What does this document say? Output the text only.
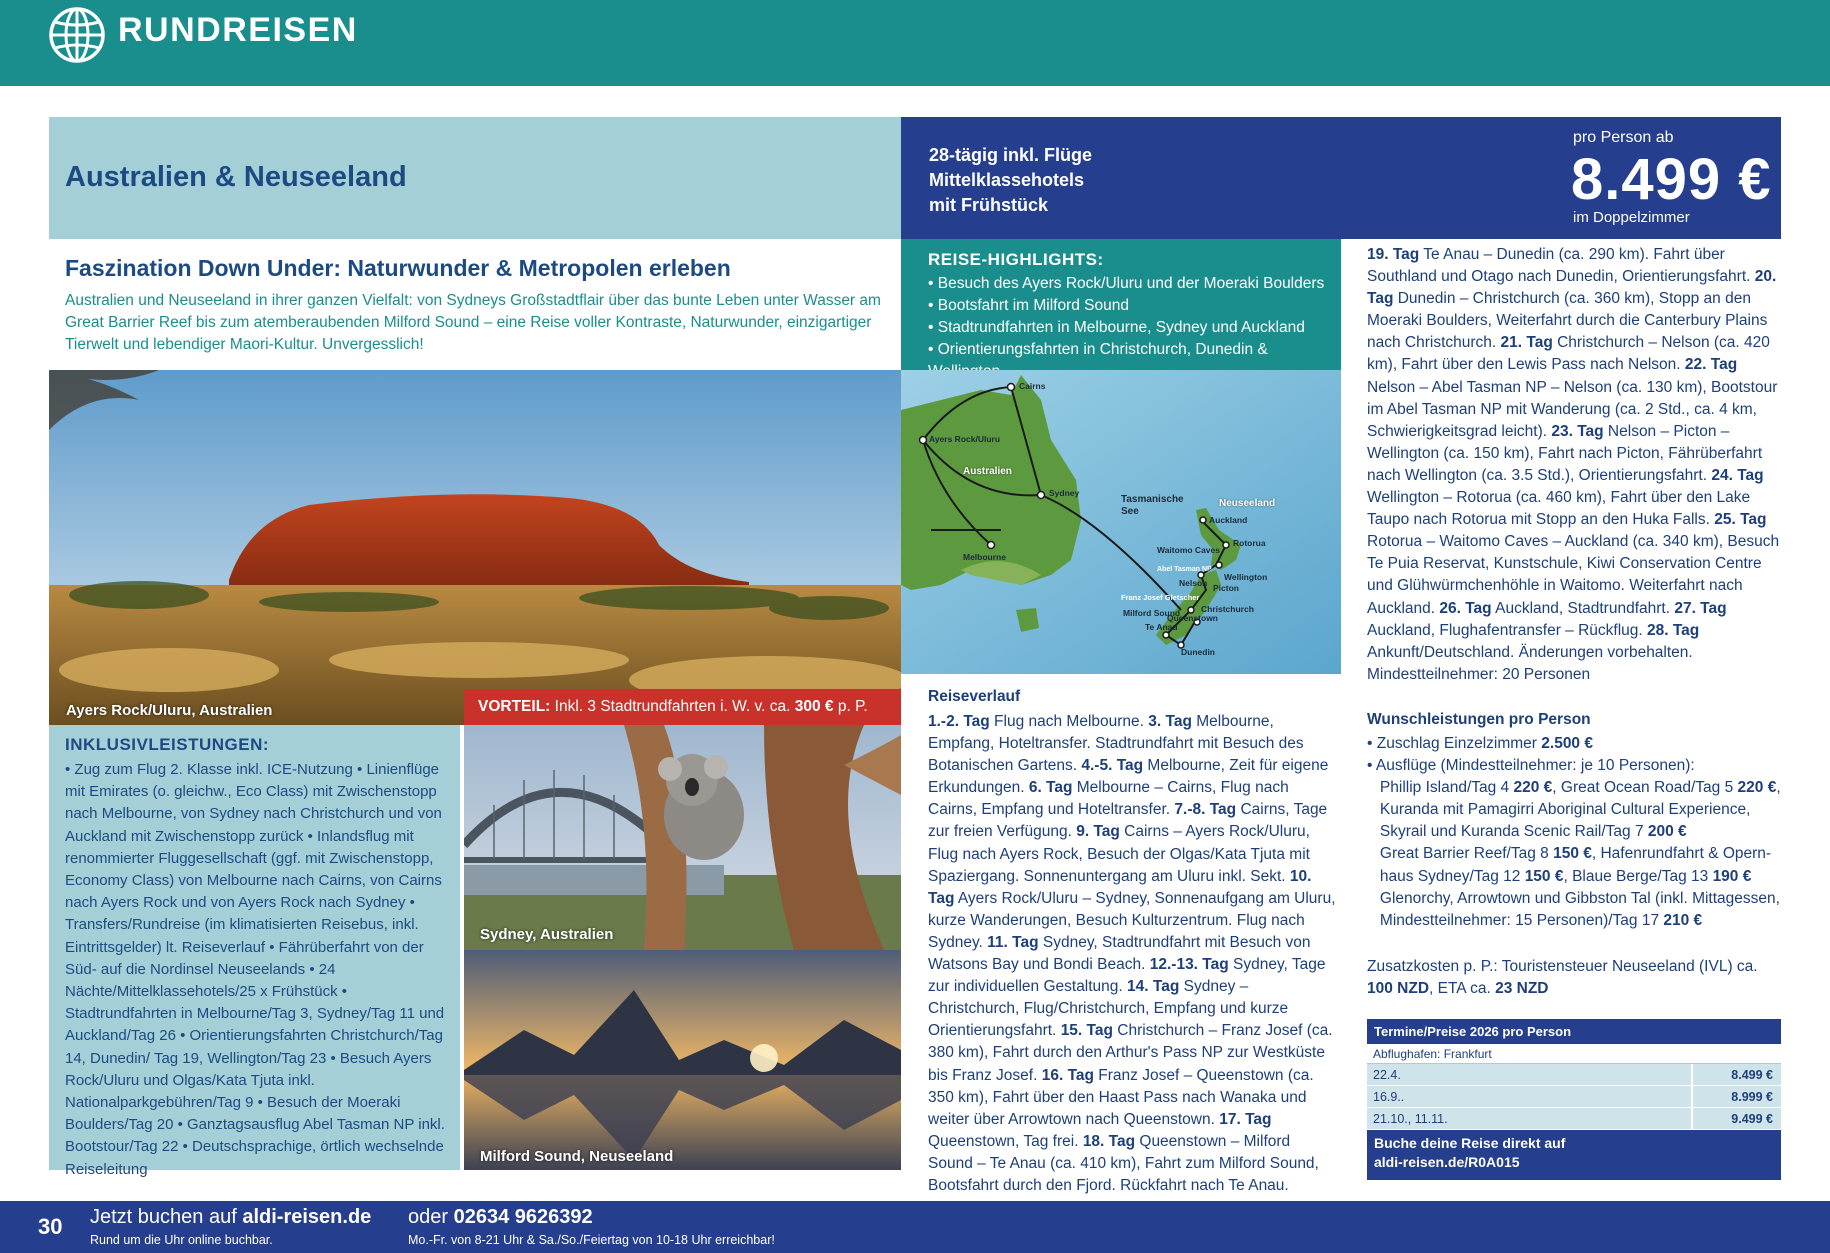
RUNDREISEN
Australien & Neuseeland
28-tägig inkl. Flüge
Mittelklassehotels
mit Frühstück
pro Person ab
8.499 €
im Doppelzimmer
Faszination Down Under: Naturwunder & Metropolen erleben
Australien und Neuseeland in ihrer ganzen Vielfalt: von Sydneys Großstadtflair über das bunte Leben unter Wasser am Great Barrier Reef bis zum atemberaubenden Milford Sound – eine Reise voller Kontraste, Naturwunder, einzigartiger Tierwelt und lebendiger Maori-Kultur. Unvergesslich!
Ayers Rock/Uluru, Australien	VORTEIL: Inkl. 3 Stadtrundfahrten i. W. v. ca. 300 € p. P.
INKLUSIVLEISTUNGEN:
• Zug zum Flug 2. Klasse inkl. ICE-Nutzung • Linienflüge mit Emirates (o. gleichw., Eco Class) mit Zwischenstopp nach Melbourne, von Sydney nach Christchurch und von Auckland mit Zwischenstopp zurück • Inlandsflug mit renommierter Fluggesellschaft (ggf. mit Zwischenstopp, Economy Class) von Melbourne nach Cairns, von Cairns nach Ayers Rock und von Ayers Rock nach Sydney • Transfers/Rundreise (im klimatisierten Reisebus, inkl. Eintrittsgelder) lt. Reiseverlauf • Fährüberfahrt von der Süd- auf die Nordinsel Neuseelands • 24 Nächte/Mittelklassehotels/25 x Frühstück • Stadtrundfahrten in Melbourne/Tag 3, Sydney/Tag 11 und Auckland/Tag 26 • Orientierungsfahrten Christchurch/Tag 14, Dunedin/ Tag 19, Wellington/Tag 23 • Besuch Ayers Rock/Uluru und Olgas/Kata Tjuta inkl. Nationalparkgebühren/Tag 9 • Besuch der Moeraki Boulders/Tag 20 • Ganztagsausflug Abel Tasman NP inkl. Bootstour/Tag 22 • Deutschsprachige, örtlich wechselnde Reiseleitung
Sydney, Australien
Milford Sound, Neuseeland
REISE-HIGHLIGHTS:
• Besuch des Ayers Rock/Uluru und der Moeraki Boulders
• Bootsfahrt im Milford Sound
• Stadtrundfahrten in Melbourne, Sydney und Auckland
• Orientierungsfahrten in Christchurch, Dunedin &
Cairns
Ayers Rock/Uluru
Australien
Sydney
Melbourne
Tasmanische
See
Neuseeland
Auckland
Rotorua
Waitomo Caves
Abel Tasman NP
Wellington
Nelson Picton
Franz Josef Gletscher
Christchurch
Milford Sound
Queenstown
Te Anau
Dunedin
Reiseverlauf
1.-2. Tag Flug nach Melbourne. 3. Tag Melbourne, Empfang, Hoteltransfer. Stadtrundfahrt mit Besuch des Botanischen Gartens. 4.-5. Tag Melbourne, Zeit für eigene Erkundungen. 6. Tag Melbourne – Cairns, Flug nach Cairns, Empfang und Hoteltransfer. 7.-8. Tag Cairns, Tage zur freien Verfügung. 9. Tag Cairns – Ayers Rock/Uluru, Flug nach Ayers Rock, Besuch der Olgas/Kata Tjuta mit Spaziergang. Sonnenuntergang am Uluru inkl. Sekt. 10. Tag Ayers Rock/Uluru – Sydney, Sonnenaufgang am Uluru, kurze Wanderungen, Besuch Kulturzentrum. Flug nach Sydney. 11. Tag Sydney, Stadtrundfahrt mit Besuch von Watsons Bay und Bondi Beach. 12.-13. Tag Sydney, Tage zur individuellen Gestaltung. 14. Tag Sydney – Christchurch, Flug/Christchurch, Empfang und kurze Orientierungsfahrt. 15. Tag Christchurch – Franz Josef (ca. 380 km), Fahrt durch den Arthur's Pass NP zur Westküste bis Franz Josef. 16. Tag Franz Josef – Queenstown (ca. 350 km), Fahrt über den Haast Pass nach Wanaka und weiter über Arrowtown nach Queenstown. 17. Tag Queenstown, Tag frei. 18. Tag Queenstown – Milford Sound – Te Anau (ca. 410 km), Fahrt zum Milford Sound, Bootsfahrt durch den Fjord. Rückfahrt nach Te Anau.
19. Tag Te Anau – Dunedin (ca. 290 km). Fahrt über Southland und Otago nach Dunedin, Orientierungsfahrt. 20. Tag Dunedin – Christchurch (ca. 360 km), Stopp an den Moeraki Boulders, Weiterfahrt durch die Canterbury Plains nach Christchurch. 21. Tag Christchurch – Nelson (ca. 420 km), Fahrt über den Lewis Pass nach Nelson. 22. Tag Nelson – Abel Tasman NP – Nelson (ca. 130 km), Bootstour im Abel Tasman NP mit Wanderung (ca. 2 Std., ca. 4 km, Schwierigkeitsgrad leicht). 23. Tag Nelson – Picton – Wellington (ca. 150 km), Fahrt nach Picton, Fährüberfahrt nach Wellington (ca. 3.5 Std.), Orientierungsfahrt. 24. Tag Wellington – Rotorua (ca. 460 km), Fahrt über den Lake Taupo nach Rotorua mit Stopp an den Huka Falls. 25. Tag Rotorua – Waitomo Caves – Auckland (ca. 340 km), Besuch Te Puia Reservat, Kunstschule, Kiwi Conservation Centre und Glühwürmchenhöhle in Waitomo. Weiterfahrt nach Auckland. 26. Tag Auckland, Stadtrundfahrt. 27. Tag Auckland, Flughafentransfer – Rückflug. 28. Tag Ankunft/Deutschland. Änderungen vorbehalten. Mindestteilnehmer: 20 Personen
Wunschleistungen pro Person
• Zuschlag Einzelzimmer 2.500 €
• Ausflüge (Mindestteilnehmer: je 10 Personen):
Phillip Island/Tag 4 220 €, Great Ocean Road/Tag 5 220 €,
Kuranda mit Pamagirri Aboriginal Cultural Experience,
Skyrail und Kuranda Scenic Rail/Tag 7 200 €
Great Barrier Reef/Tag 8 150 €, Hafenrundfahrt & Opern-
haus Sydney/Tag 12 150 €, Blaue Berge/Tag 13 190 €
Glenorchy, Arrowtown und Gibbston Tal (inkl. Mittagessen,
Mindestteilnehmer: 15 Personen)/Tag 17 210 €
Zusatzkosten p. P.: Touristensteuer Neuseeland (IVL) ca.
100 NZD, ETA ca. 23 NZD
Termine/Preise 2026 pro Person
Abflughafen: Frankfurt
22.4.	8.499 €
16.9..	8.999 €
21.10., 11.11.	9.499 €
Buche deine Reise direkt auf
aldi-reisen.de/R0A015
30 Jetzt buchen auf aldi-reisen.de
Rund um die Uhr online buchbar.
oder 02634 9626392
Mo.-Fr. von 8-21 Uhr & Sa./So./Feiertag von 10-18 Uhr erreichbar!
